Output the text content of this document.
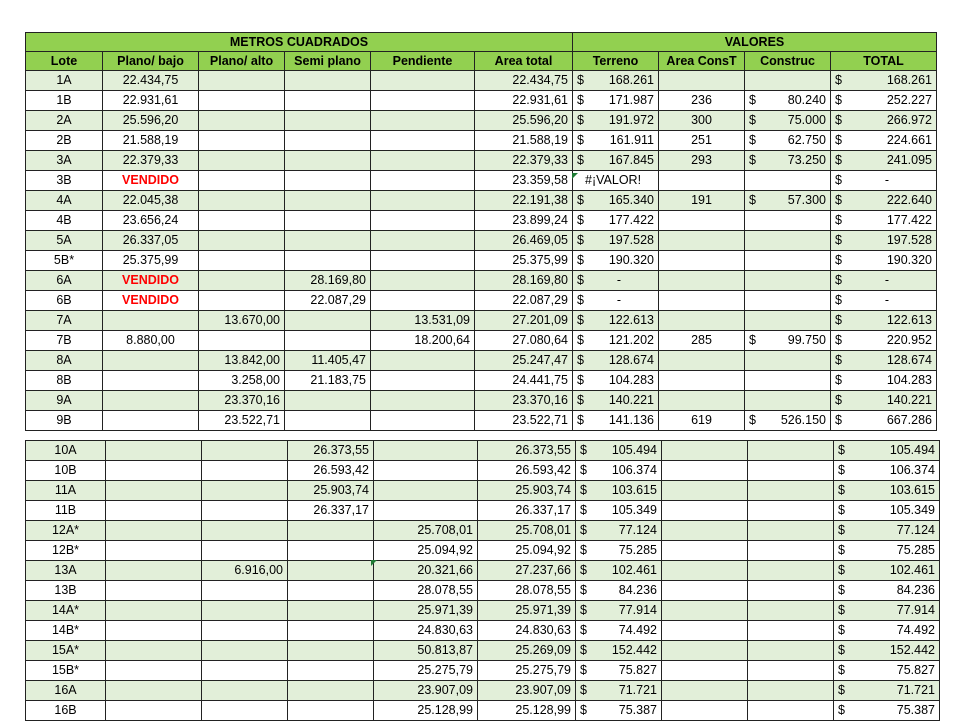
METROS CUADRADOS						VALORES			
Lote	Plano/ bajo	Plano/ alto	Semi plano	Pendiente	Area total	Terreno	Area ConsT	Construc	TOTAL
1A	22.434,75				22.434,75	$ 168.261			$ 168.261

1B	22.931,61				22.931,61	$ 171.987	236	$ 80.240	$ 252.227

2A	25.596,20				25.596,20	$ 191.972	300	$ 75.000	$ 266.972

2B	21.588,19				21.588,19	$ 161.911	251	$ 62.750	$ 224.661

3A	22.379,33				22.379,33	$ 167.845	293	$ 73.250	$ 241.095

3B	VENDIDO				23.359,58	#¡VALOR!			$ -

4A	22.045,38				22.191,38	$ 165.340	191	$ 57.300	$ 222.640

4B	23.656,24				23.899,24	$ 177.422			$ 177.422

5A	26.337,05				26.469,05	$ 197.528			$ 197.528

5B*	25.375,99				25.375,99	$ 190.320			$ 190.320

6A	VENDIDO		28.169,80		28.169,80	$ -			$ -

6B	VENDIDO		22.087,29		22.087,29	$ -			$ -

7A		13.670,00		13.531,09	27.201,09	$ 122.613			$ 122.613

7B	8.880,00			18.200,64	27.080,64	$ 121.202	285	$ 99.750	$ 220.952

8A		13.842,00	11.405,47		25.247,47	$ 128.674			$ 128.674

8B		3.258,00	21.183,75		24.441,75	$ 104.283			$ 104.283

9A		23.370,16			23.370,16	$ 140.221			$ 140.221

9B		23.522,71			23.522,71	$ 141.136	619	$ 526.150	$ 667.286
10A			26.373,55		26.373,55	$ 105.494			$ 105.494

10B			26.593,42		26.593,42	$ 106.374			$ 106.374

11A			25.903,74		25.903,74	$ 103.615			$ 103.615

11B			26.337,17		26.337,17	$ 105.349			$ 105.349

12A*				25.708,01	25.708,01	$ 77.124			$ 77.124

12B*				25.094,92	25.094,92	$ 75.285			$ 75.285

13A		6.916,00		20.321,66	27.237,66	$ 102.461			$ 102.461

13B				28.078,55	28.078,55	$ 84.236			$ 84.236

14A*				25.971,39	25.971,39	$ 77.914			$ 77.914

14B*				24.830,63	24.830,63	$ 74.492			$ 74.492

15A*				50.813,87	25.269,09	$ 152.442			$ 152.442

15B*				25.275,79	25.275,79	$ 75.827			$ 75.827

16A				23.907,09	23.907,09	$ 71.721			$ 71.721

16B				25.128,99	25.128,99	$ 75.387			$ 75.387
